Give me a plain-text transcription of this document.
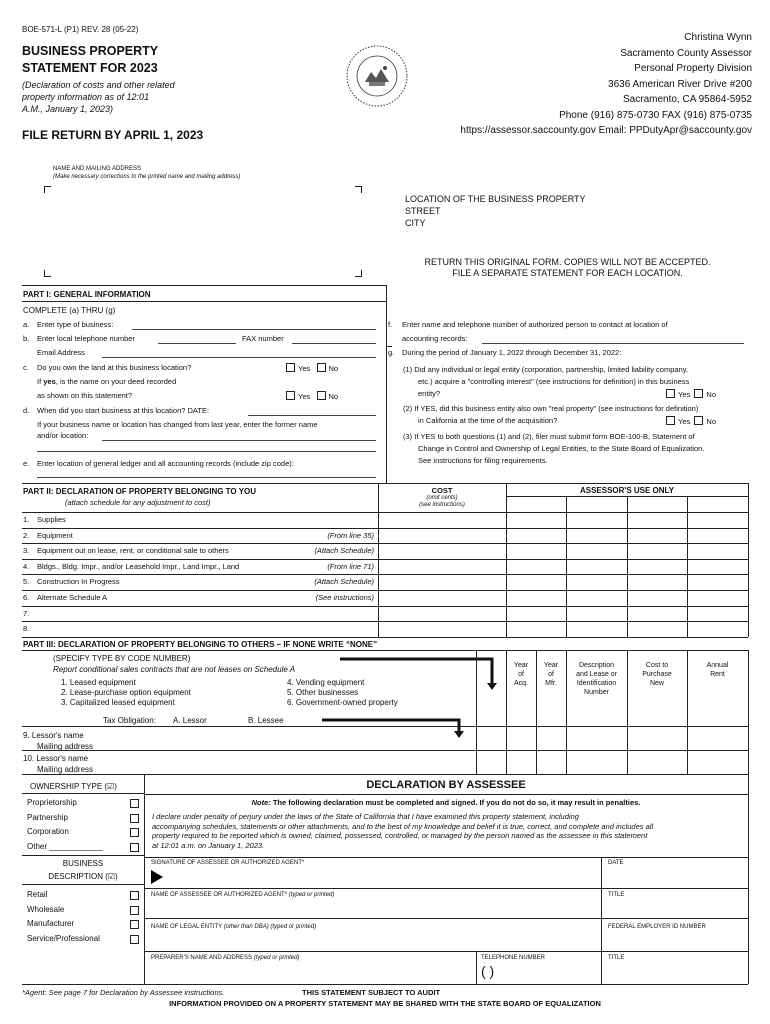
BOE-571-L (P1) REV. 28 (05-22)
BUSINESS PROPERTY
STATEMENT FOR 2023
(Declaration of costs and other related
property information as of 12:01
A.M., January 1, 2023)
FILE RETURN BY APRIL 1, 2023
Christina Wynn
Sacramento County Assessor
Personal Property Division
3636 American River Drive #200
Sacramento, CA 95864-5952
Phone (916) 875-0730 FAX (916) 875-0735
https://assessor.saccounty.gov Email: PPDutyApr@saccounty.gov
NAME AND MAILING ADDRESS
(Make necessary corrections to the printed name and mailing address)
LOCATION OF THE BUSINESS PROPERTY
STREET
CITY
RETURN THIS ORIGINAL FORM. COPIES WILL NOT BE ACCEPTED.
FILE A SEPARATE STATEMENT FOR EACH LOCATION.
PART I: GENERAL INFORMATION
COMPLETE (a) THRU (g)
a. Enter type of business:
b. Enter local telephone number	FAX number
Email Address
c. Do you own the land at this business location?	Yes No
If yes, is the name on your deed recorded
as shown on this statement?	Yes No
d. When did you start business at this location? DATE:
If your business name or location has changed from last year, enter the former name
and/or location:
e. Enter location of general ledger and all accounting records (include zip code):
f. Enter name and telephone number of authorized person to contact at location of
accounting records:
g. During the period of January 1, 2022 through December 31, 2022:
(1) Did any individual or legal entity (corporation, partnership, limited liability company,
etc.) acquire a "controlling interest" (see instructions for definition) in this business
entity?	Yes No
(2) If YES, did this business entity also own "real property" (see instructions for definition)
in California at the time of the acquisition?	Yes No
(3) If YES to both questions (1) and (2), filer must submit form BOE-100-B, Statement of
Change in Control and Ownership of Legal Entities, to the State Board of Equalization.
See instructions for filing requirements.
PART II: DECLARATION OF PROPERTY BELONGING TO YOU
(attach schedule for any adjustment to cost)
COST
(omit cents)
(see instructions)
ASSESSOR'S USE ONLY
1. Supplies
2. Equipment	(From line 35)
3. Equipment out on lease, rent, or conditional sale to others	(Attach Schedule)
4. Bldgs., Bldg. Impr., and/or Leasehold Impr., Land Impr., Land	(From line 71)
5. Construction In Progress	(Attach Schedule)
6. Alternate Schedule A	(See instructions)
7.
8.
PART III: DECLARATION OF PROPERTY BELONGING TO OTHERS – IF NONE WRITE “NONE”
(SPECIFY TYPE BY CODE NUMBER)
Report conditional sales contracts that are not leases on Schedule A
1. Leased equipment
2. Lease-purchase option equipment
3. Capitalized leased equipment
4. Vending equipment
5. Other businesses
6. Government-owned property
Tax Obligation: A. Lessor	B. Lessee
9. Lessor's name
Mailing address
10. Lessor's name
Mailing address
Year
of
Acq.
Year
of
Mfr.
Description
and Lease or
Identification
Number
Cost to
Purchase
New
Annual
Rent
OWNERSHIP TYPE (☑)
Proprietorship
Partnership
Corporation
Other ____________
BUSINESS
DESCRIPTION (☑)
Retail
Wholesale
Manufacturer
Service/Professional
DECLARATION BY ASSESSEE
Note: The following declaration must be completed and signed. If you do not do so, it may result in penalties.
I declare under penalty of perjury under the laws of the State of California that I have examined this property statement, including
accompanying schedules, statements or other attachments, and to the best of my knowledge and belief it is true, correct, and complete and includes all
property required to be reported which is owned, claimed, possessed, controlled, or managed by the person named as the assessee in this statement
at 12:01 a.m. on January 1, 2023.
SIGNATURE OF ASSESSEE OR AUTHORIZED AGENT*	DATE
NAME OF ASSESSEE OR AUTHORIZED AGENT* (typed or printed)	TITLE
NAME OF LEGAL ENTITY (other than DBA) (typed or printed)	FEDERAL EMPLOYER ID NUMBER
PREPARER'S NAME AND ADDRESS (typed or printed)	TELEPHONE NUMBER
( )
TITLE
*Agent: See page 7 for Declaration by Assessee instructions.	THIS STATEMENT SUBJECT TO AUDIT
INFORMATION PROVIDED ON A PROPERTY STATEMENT MAY BE SHARED WITH THE STATE BOARD OF EQUALIZATION
